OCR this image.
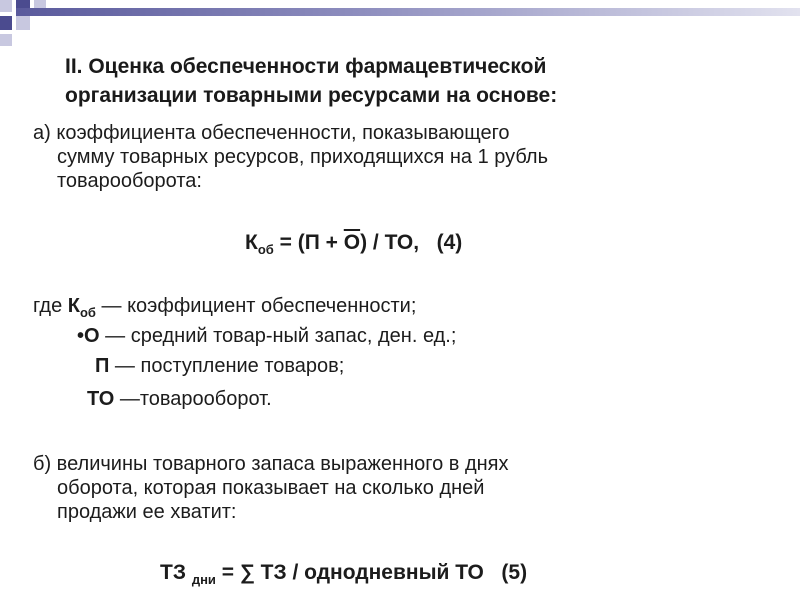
II. Оценка обеспеченности фармацевтической
организации товарными ресурсами на основе:
а) коэффициента обеспеченности, показывающего
сумму товарных ресурсов, приходящихся на 1 рубль
товарооборота:
$К_{об} = (П + О)$ / ТО, (4)
где $К_{об}$ — коэффициент обеспеченности;
•О — средний товар-ный запас, ден. ед.;
П — поступление товаров;
ТО —товарооборот.
б) величины товарного запаса выраженного в днях
оборота, которая показывает на сколько дней
продажи ее хватит:
ТЗ $_{дни}$ = ∑ ТЗ / однодневный ТО (5)
